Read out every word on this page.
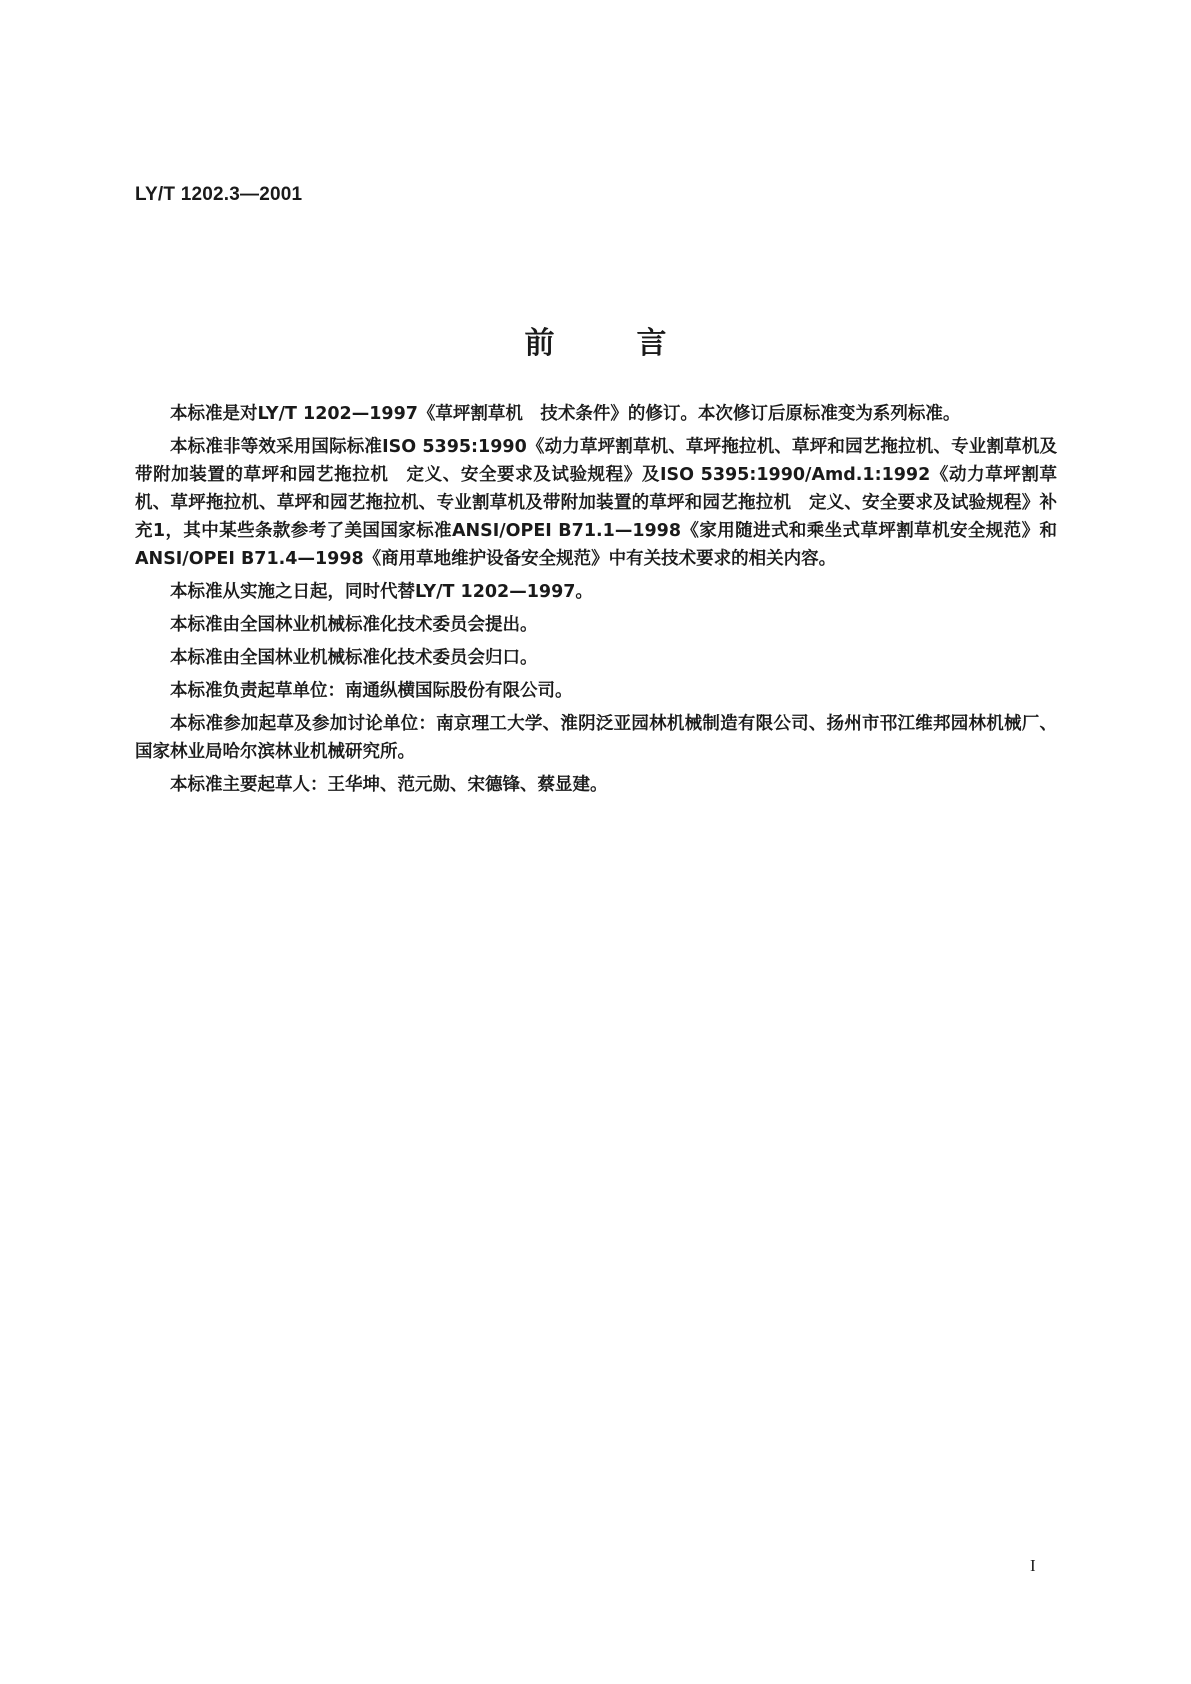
LY/T 1202.3—2001
前言

本标准是对LY/T 1202—1997《草坪割草机　技术条件》的修订。本次修订后原标准变为系列标准。

本标准非等效采用国际标准ISO 5395:1990《动力草坪割草机、草坪拖拉机、草坪和园艺拖拉机、专业割草机及带附加装置的草坪和园艺拖拉机　定义、安全要求及试验规程》及ISO 5395:1990/Amd.1:1992《动力草坪割草机、草坪拖拉机、草坪和园艺拖拉机、专业割草机及带附加装置的草坪和园艺拖拉机　定义、安全要求及试验规程》补充1，其中某些条款参考了美国国家标准ANSI/OPEI B71.1—1998《家用随进式和乘坐式草坪割草机安全规范》和ANSI/OPEI B71.4—1998《商用草地维护设备安全规范》中有关技术要求的相关内容。

本标准从实施之日起，同时代替LY/T 1202—1997。

本标准由全国林业机械标准化技术委员会提出。

本标准由全国林业机械标准化技术委员会归口。

本标准负责起草单位：南通纵横国际股份有限公司。

本标准参加起草及参加讨论单位：南京理工大学、淮阴泛亚园林机械制造有限公司、扬州市邗江维邦园林机械厂、国家林业局哈尔滨林业机械研究所。

本标准主要起草人：王华坤、范元勋、宋德锋、蔡显建。

I
